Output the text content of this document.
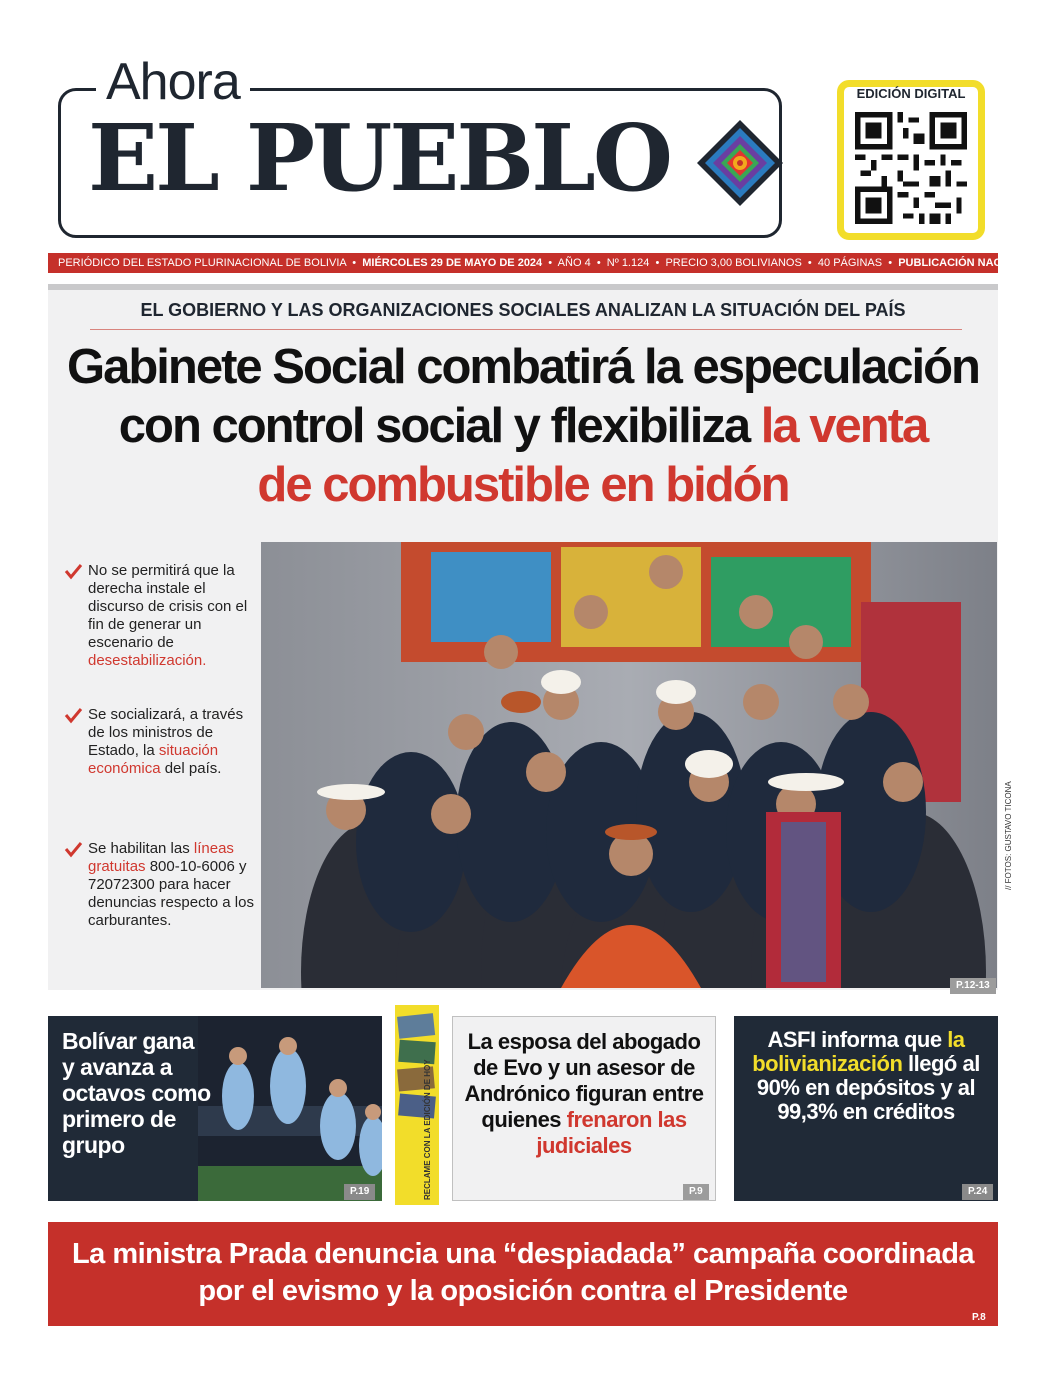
Ahora
EL PUEBLO
EDICIÓN DIGITAL
PERIÓDICO DEL ESTADO PLURINACIONAL DE BOLIVIA • MIÉRCOLES 29 DE MAYO DE 2024 • AÑO 4 • Nº 1.124 • PRECIO 3,00 BOLIVIANOS • 40 PÁGINAS • PUBLICACIÓN NACIONAL
EL GOBIERNO Y LAS ORGANIZACIONES SOCIALES ANALIZAN LA SITUACIÓN DEL PAÍS
Gabinete Social combatirá la especulación
con control social y flexibiliza la venta
de combustible en bidón
No se permitirá que la derecha instale el discurso de crisis con el fin de generar un escenario de desestabilización.
Se socializará, a través de los ministros de Estado, la situación económica del país.
Se habilitan las líneas gratuitas 800-10-6006 y 72072300 para hacer denuncias respecto a los carburantes.
P.12-13
// FOTOS: GUSTAVO TICONA
Bolívar gana y avanza a octavos como primero de grupo
P.19	RECLAME CON LA EDICIÓN DE HOY
La esposa del abogado de Evo y un asesor de Andrónico figuran entre quienes frenaron las judiciales
P.9
ASFI informa que la bolivianización llegó al 90% en depósitos y al 99,3% en créditos
P.24
La ministra Prada denuncia una “despiadada” campaña coordinada por el evismo y la oposición contra el Presidente
P.8
